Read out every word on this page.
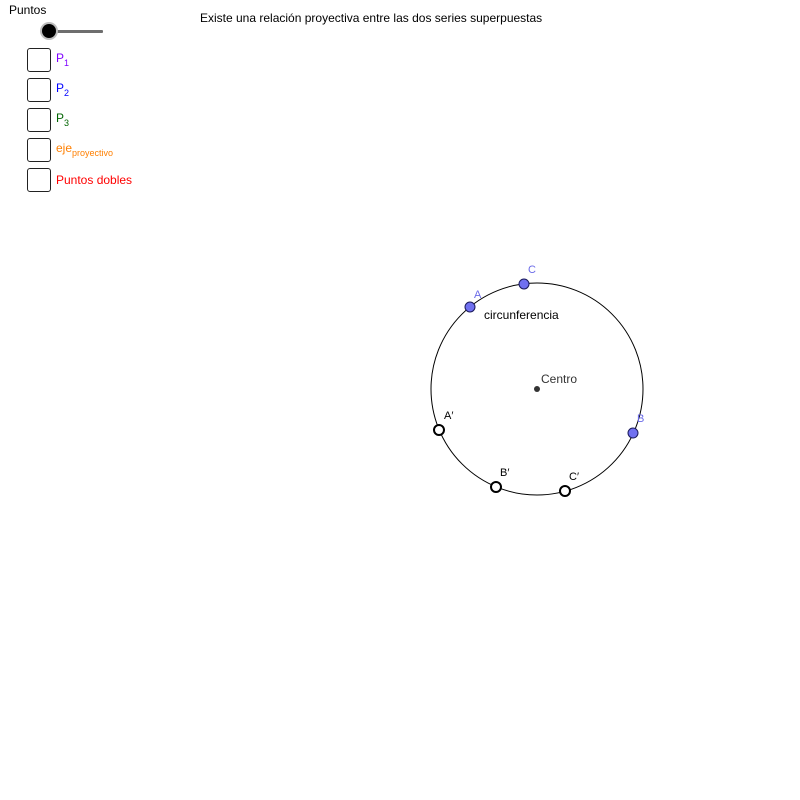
Puntos
Existe una relación proyectiva entre las dos series superpuestas
$P_1$
$P_2$
$P_3$
eje$_{proyectivo}$
Puntos dobles
circunferencia
Centro
A
C
B
A′
B′	C′
